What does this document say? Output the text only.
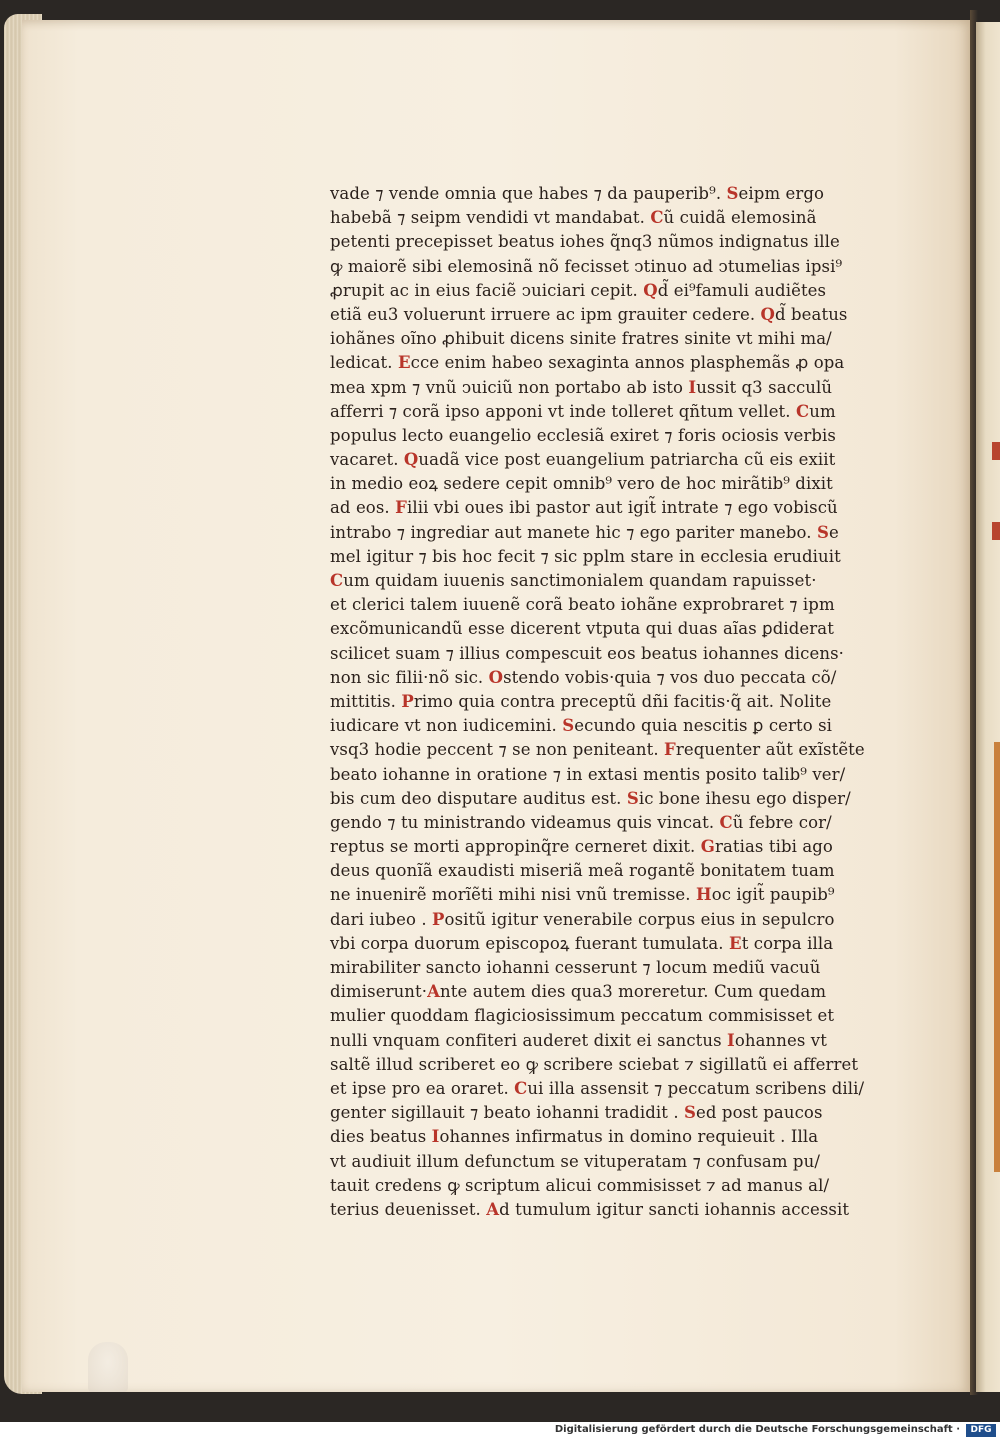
vade ⁊ vende omnia que habes ⁊ da pauperib⁹. Seipm ergo
habebã ⁊ seipm vendidi vt mandabat. Cũ cuidã elemosinã
petenti precepisset beatus iohes q̃nq3 nũmos indignatus ille
ꝙ maiorẽ sibi elemosinã nõ fecisset ↄtinuo ad ↄtumelias ipsi⁹
ꝓrupit ac in eius faciẽ ↄuiciari cepit. Qd̃ ei⁹famuli audiẽtes
etiã eu3 voluerunt irruere ac ipm grauiter cedere. Qd̃ beatus
iohãnes oĩno ꝓhibuit dicens sinite fratres sinite vt mihi ma/
ledicat. Ecce enim habeo sexaginta annos plasphemãs ꝓ opa
mea xpm ⁊ vnũ ↄuiciũ non portabo ab isto Iussit q3 sacculũ
afferri ⁊ corã ipso apponi vt inde tolleret qñtum vellet. Cum
populus lecto euangelio ecclesiã exiret ⁊ foris ociosis verbis
vacaret. Quadã vice post euangelium patriarcha cũ eis exiit
in medio eoꝝ sedere cepit omnib⁹ vero de hoc mirãtib⁹ dixit
ad eos. Filii vbi oues ibi pastor aut igit̃ intrate ⁊ ego vobiscũ
intrabo ⁊ ingrediar aut manete hic ⁊ ego pariter manebo. Se
mel igitur ⁊ bis hoc fecit ⁊ sic pplm stare in ecclesia erudiuit
Cum quidam iuuenis sanctimonialem quandam rapuisset·
et clerici talem iuuenẽ corã beato iohãne exprobraret ⁊ ipm
excõmunicandũ esse dicerent vtputa qui duas aĩas ꝑdiderat
scilicet suam ⁊ illius compescuit eos beatus iohannes dicens·
non sic filii·nõ sic. Ostendo vobis·quia ⁊ vos duo peccata cõ/
mittitis. Primo quia contra preceptũ dñi facitis·q̃ ait. Nolite
iudicare vt non iudicemini. Secundo quia nescitis ꝑ certo si
vsq3 hodie peccent ⁊ se non peniteant. Frequenter aũt exĩstẽte
beato iohanne in oratione ⁊ in extasi mentis posito talib⁹ ver/
bis cum deo disputare auditus est. Sic bone ihesu ego disper/
gendo ⁊ tu ministrando videamus quis vincat. Cũ febre cor/
reptus se morti appropinq̃re cerneret dixit. Gratias tibi ago
deus quonĩã exaudisti miseriã meã rogantẽ bonitatem tuam
ne inuenirẽ morĩẽti mihi nisi vnũ tremisse. Hoc igit̃ paupib⁹
dari iubeo . Positũ igitur venerabile corpus eius in sepulcro
vbi corpa duorum episcopoꝝ fuerant tumulata. Et corpa illa
mirabiliter sancto iohanni cesserunt ⁊ locum mediũ vacuũ
dimiserunt·Ante autem dies qua3 moreretur. Cum quedam
mulier quoddam flagiciosissimum peccatum commisisset et
nulli vnquam confiteri auderet dixit ei sanctus Iohannes vt
saltẽ illud scriberet eo ꝙ scribere sciebat ⁊ sigillatũ ei afferret
et ipse pro ea oraret. Cui illa assensit ⁊ peccatum scribens dili/
genter sigillauit ⁊ beato iohanni tradidit . Sed post paucos
dies beatus Iohannes infirmatus in domino requieuit . Illa
vt audiuit illum defunctum se vituperatam ⁊ confusam pu/
tauit credens ꝙ scriptum alicui commisisset ⁊ ad manus al/
terius deuenisset. Ad tumulum igitur sancti iohannis accessit
Digitalisierung gefördert durch die Deutsche Forschungsgemeinschaft ·	DFG
